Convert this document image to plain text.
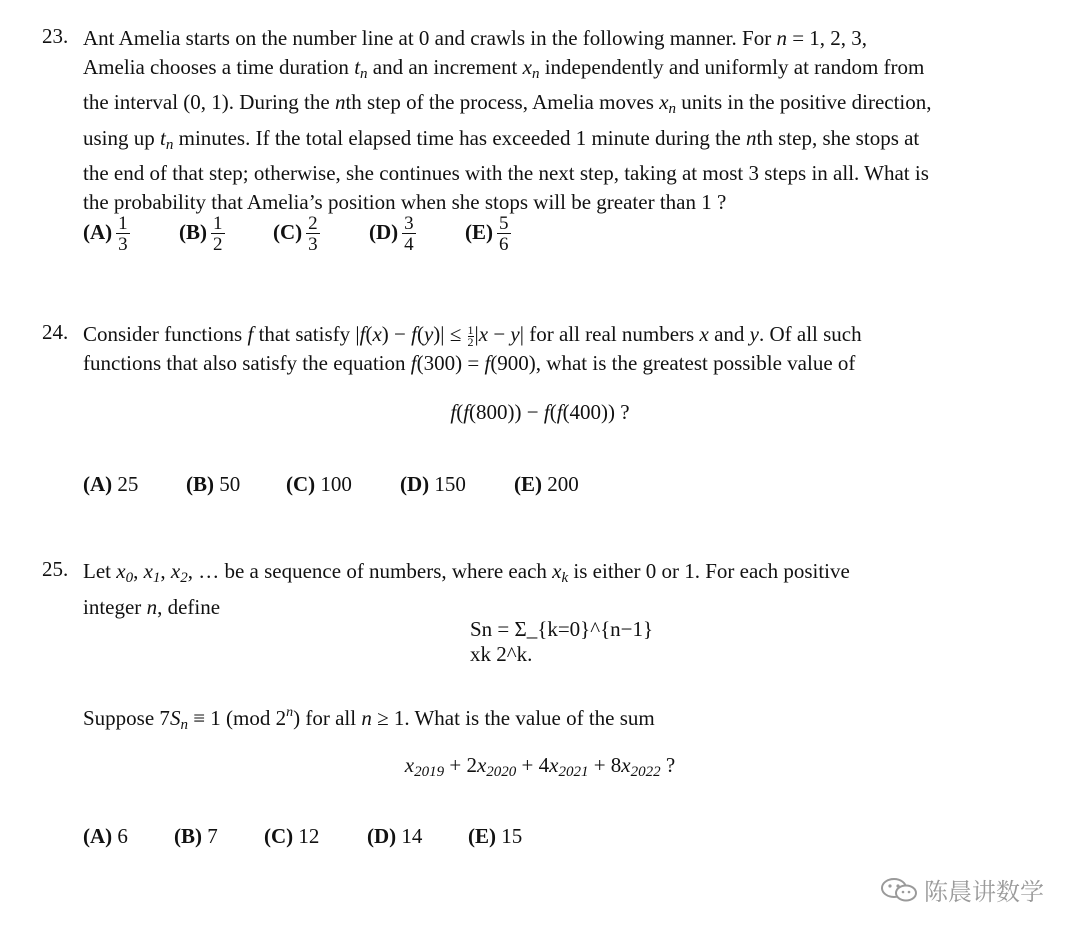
23. Ant Amelia starts on the number line at 0 and crawls in the following manner. For n = 1, 2, 3,
Amelia chooses a time duration $t_n$ and an increment $x_n$ independently and uniformly at random from
the interval (0, 1). During the nth step of the process, Amelia moves $x_n$ units in the positive direction,
using up $t_n$ minutes. If the total elapsed time has exceeded 1 minute during the nth step, she stops at
the end of that step; otherwise, she continues with the next step, taking at most 3 steps in all. What is
the probability that Amelia’s position when she stops will be greater than 1 ?
$(A) \frac{1}{3} (B) \frac{1}{2} (C) \frac{2}{3} (D) \frac{3}{4} (E) \frac{5}{6}$
24. Consider functions f that satisfy $|f(x) - f(y)| \le \frac{1}{2} |x - y|$ for all real numbers x and y. Of all such
functions that also satisfy the equation f(300) = f(900), what is the greatest possible value of
f(f(800)) − f(f(400)) ?
(A) 25 (B) 50 (C) 100 (D) 150 (E) 200
25. Let $x_0$, $x_1$, $x_2$, … be a sequence of numbers, where each $x_k$ is either 0 or 1. For each positive
integer n, define
Sn = Σ_{k=0}^{n−1} xk 2^k.
Suppose $7S_n \equiv 1$ (mod 2$^n$) for all n ≥ 1. What is the value of the sum
$x_{2019} + 2x_{2020} + 4x_{2021} + 8x_{2022}$ ?
(A) 6 (B) 7 (C) 12 (D) 14 (E) 15
陈晨讲数学
